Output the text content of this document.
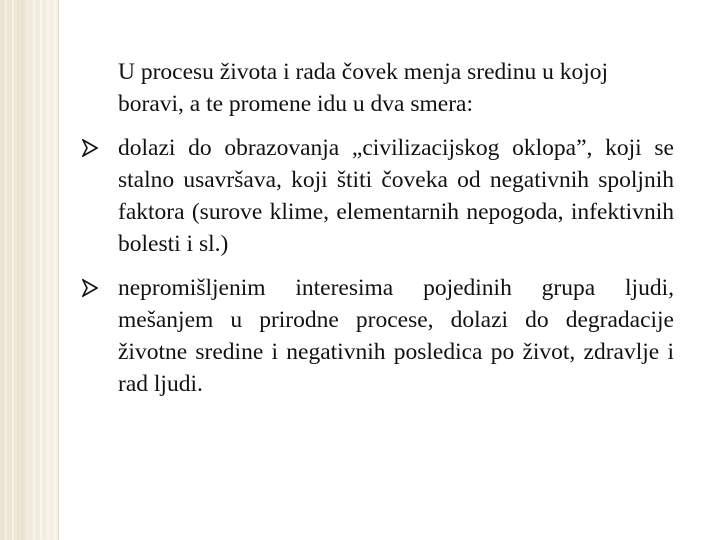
U procesu života i rada čovek menja sredinu u kojoj boravi, a te promene idu u dva smera:

dolazi do obrazovanja „civilizacijskog oklopa”, koji se stalno usavršava, koji štiti čoveka od negativnih spoljnih faktora (surove klime, elementarnih nepogoda, infektivnih bolesti i sl.)
nepromišljenim interesima pojedinih grupa ljudi, mešanjem u prirodne procese, dolazi do degradacije životne sredine i negativnih posledica po život, zdravlje i rad ljudi.
